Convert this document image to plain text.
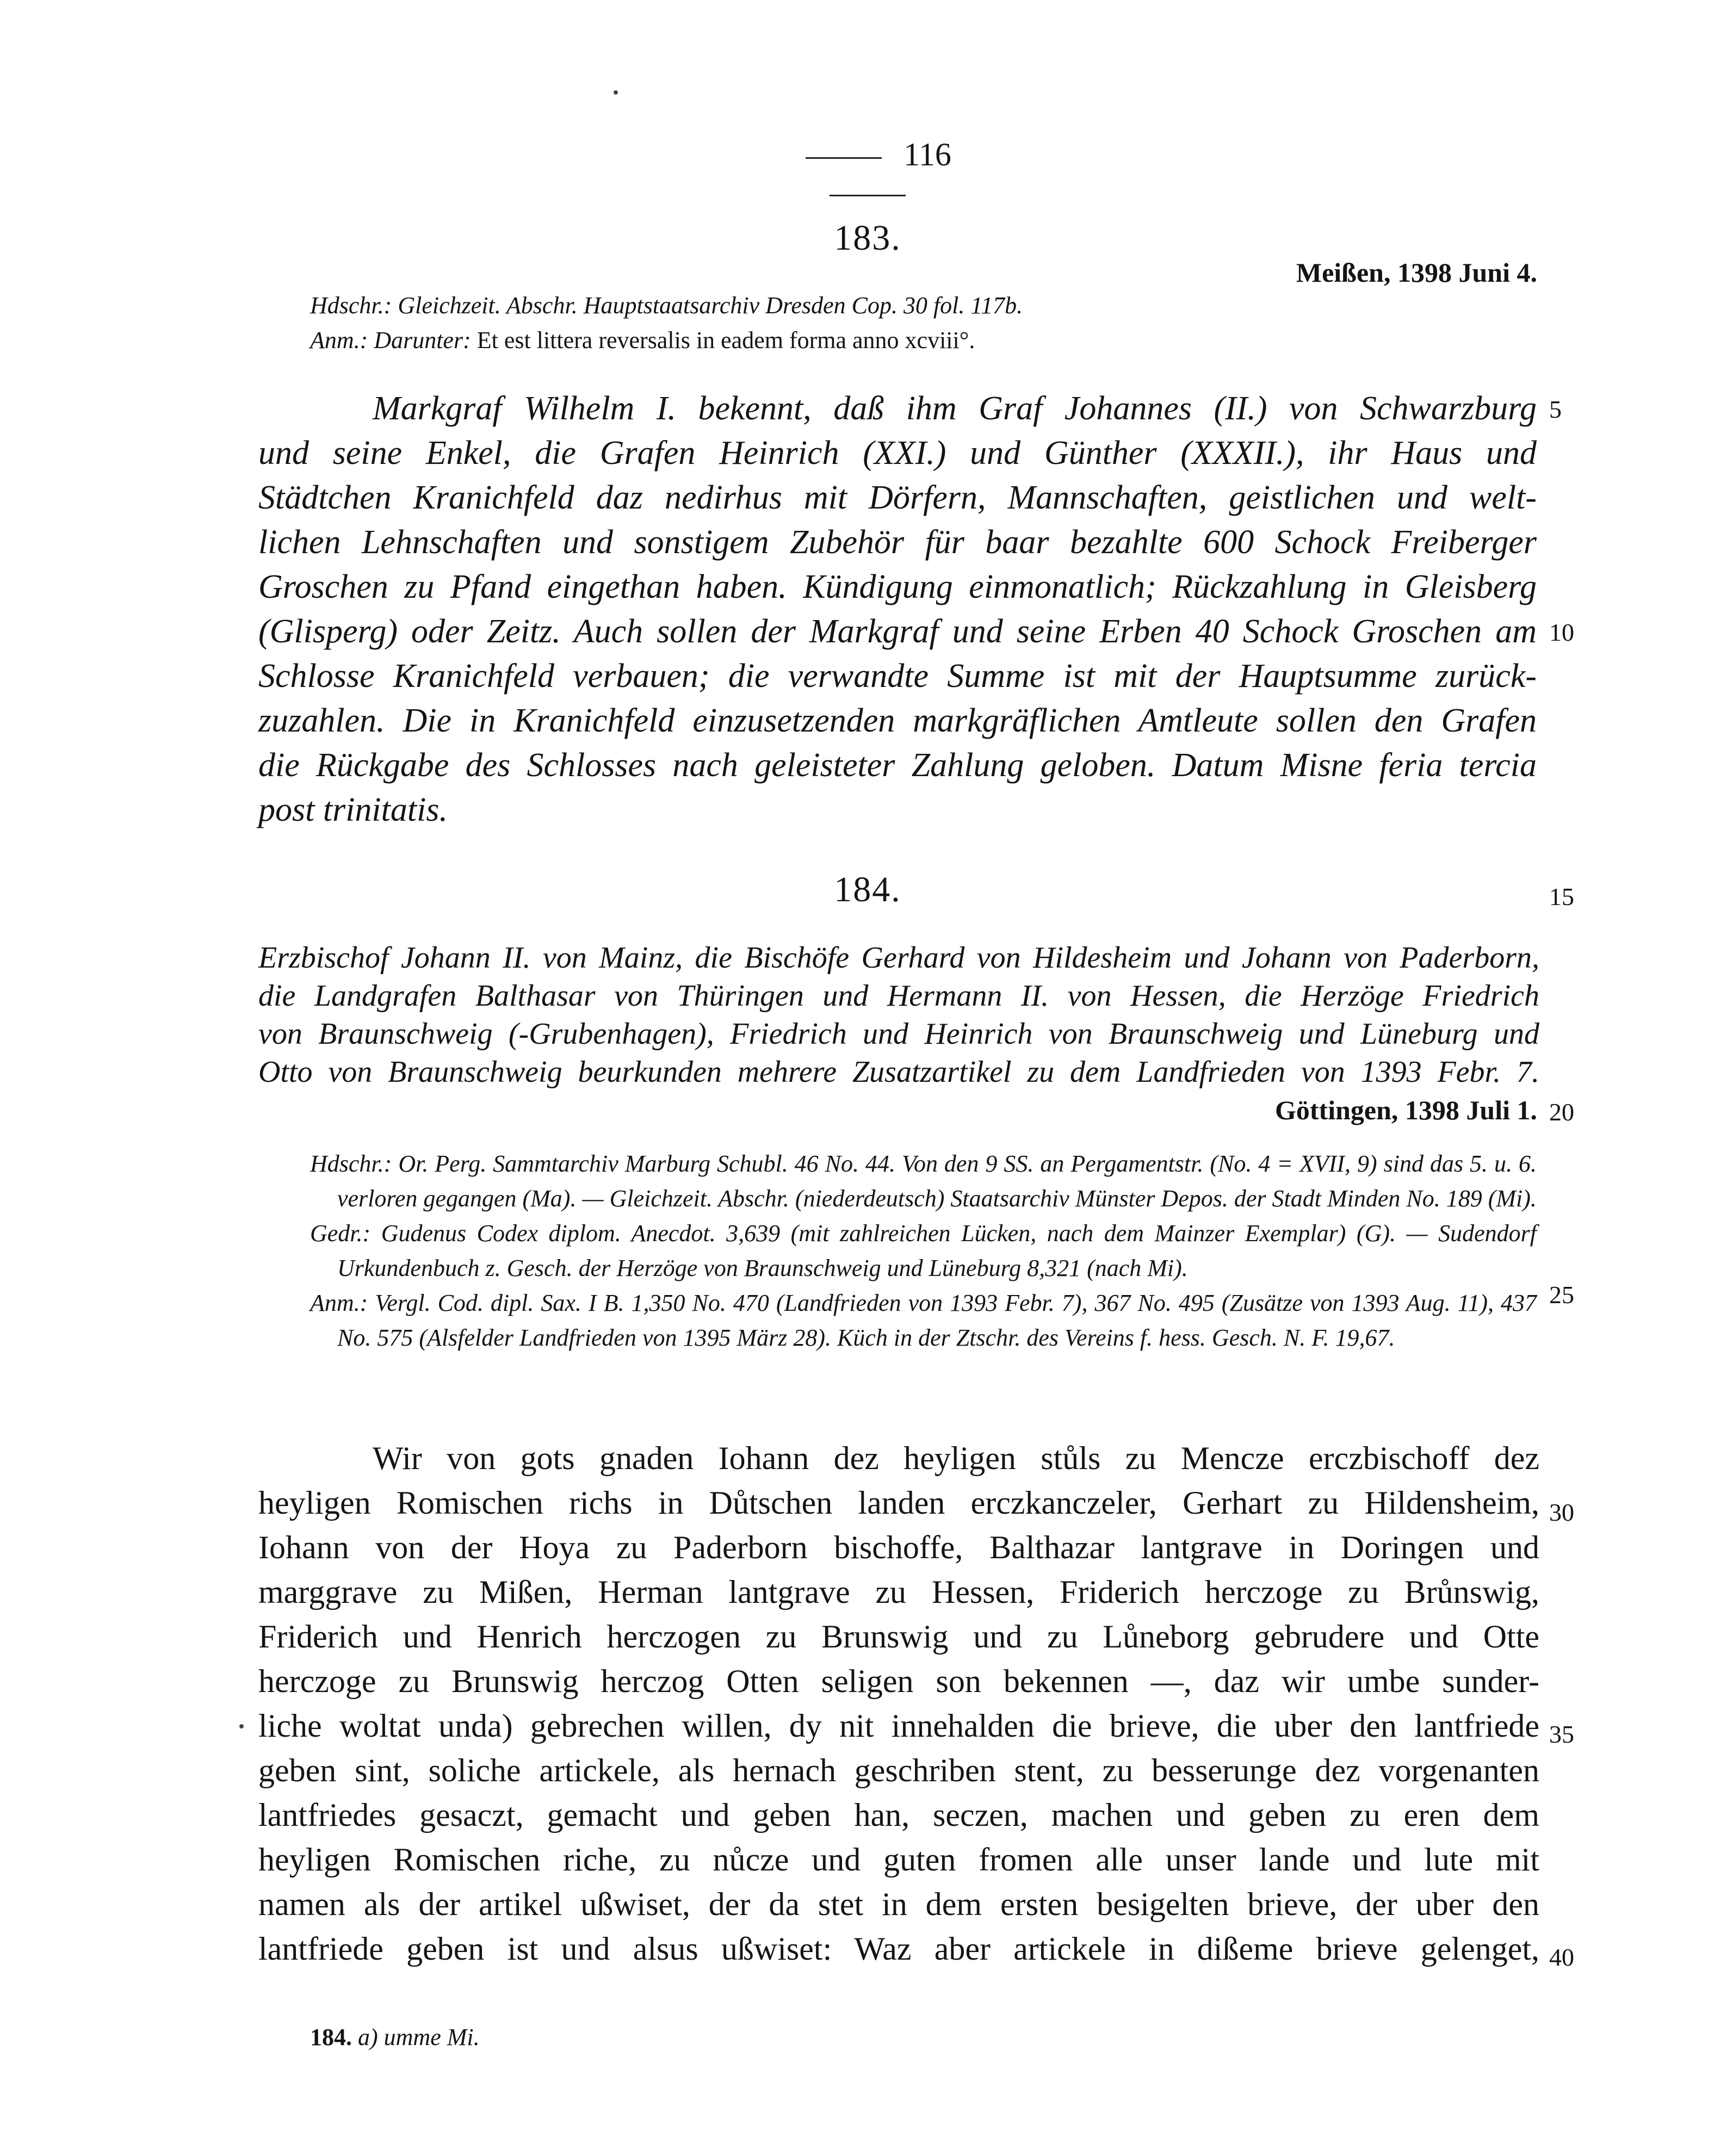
116
183.
Meißen, 1398 Juni 4.
Hdschr.: Gleichzeit. Abschr. Hauptstaatsarchiv Dresden Cop. 30 fol. 117b.
Anm.: Darunter: Et est littera reversalis in eadem forma anno xcviii°.
Markgraf Wilhelm I. bekennt, daß ihm Graf Johannes (II.) von Schwarzburg
und seine Enkel, die Grafen Heinrich (XXI.) und Günther (XXXII.), ihr Haus und
Städtchen Kranichfeld daz nedirhus mit Dörfern, Mannschaften, geistlichen und welt-
lichen Lehnschaften und sonstigem Zubehör für baar bezahlte 600 Schock Freiberger
Groschen zu Pfand eingethan haben. Kündigung einmonatlich; Rückzahlung in Gleisberg
(Glisperg) oder Zeitz. Auch sollen der Markgraf und seine Erben 40 Schock Groschen am
Schlosse Kranichfeld verbauen; die verwandte Summe ist mit der Hauptsumme zurück-
zuzahlen. Die in Kranichfeld einzusetzenden markgräflichen Amtleute sollen den Grafen
die Rückgabe des Schlosses nach geleisteter Zahlung geloben. Datum Misne feria tercia
post trinitatis.
184.
Erzbischof Johann II. von Mainz, die Bischöfe Gerhard von Hildesheim und Johann von Paderborn,
die Landgrafen Balthasar von Thüringen und Hermann II. von Hessen, die Herzöge Friedrich
von Braunschweig (-Grubenhagen), Friedrich und Heinrich von Braunschweig und Lüneburg und
Otto von Braunschweig beurkunden mehrere Zusatzartikel zu dem Landfrieden von 1393 Febr. 7.
Göttingen, 1398 Juli 1.
Hdschr.: Or. Perg. Sammtarchiv Marburg Schubl. 46 No. 44. Von den 9 SS. an Pergamentstr. (No. 4 = XVII, 9) sind das 5. u. 6. verloren gegangen (Ma). — Gleichzeit. Abschr. (niederdeutsch) Staatsarchiv Münster Depos. der Stadt Minden No. 189 (Mi).
Gedr.: Gudenus Codex diplom. Anecdot. 3,639 (mit zahlreichen Lücken, nach dem Mainzer Exemplar) (G). — Sudendorf Urkundenbuch z. Gesch. der Herzöge von Braunschweig und Lüneburg 8,321 (nach Mi).
Anm.: Vergl. Cod. dipl. Sax. I B. 1,350 No. 470 (Landfrieden von 1393 Febr. 7), 367 No. 495 (Zusätze von 1393 Aug. 11), 437 No. 575 (Alsfelder Landfrieden von 1395 März 28). Küch in der Ztschr. des Vereins f. hess. Gesch. N. F. 19,67.
Wir von gots gnaden Iohann dez heyligen stůls zu Mencze erczbischoff dez
heyligen Romischen richs in Důtschen landen erczkanczeler, Gerhart zu Hildensheim,
Iohann von der Hoya zu Paderborn bischoffe, Balthazar lantgrave in Doringen und
marggrave zu Mißen, Herman lantgrave zu Hessen, Friderich herczoge zu Brůnswig,
Friderich und Henrich herczogen zu Brunswig und zu Lůneborg gebrudere und Otte
herczoge zu Brunswig herczog Otten seligen son bekennen —, daz wir umbe sunder-
liche woltat unda) gebrechen willen, dy nit innehalden die brieve, die uber den lantfriede
geben sint, soliche artickele, als hernach geschriben stent, zu besserunge dez vorgenanten
lantfriedes gesaczt, gemacht und geben han, seczen, machen und geben zu eren dem
heyligen Romischen riche, zu nůcze und guten fromen alle unser lande und lute mit
namen als der artikel ußwiset, der da stet in dem ersten besigelten brieve, der uber den
lantfriede geben ist und alsus ußwiset: Waz aber artickele in dißeme brieve gelenget,
5
10
15
20
25
30
35
40
184. a) umme Mi.
